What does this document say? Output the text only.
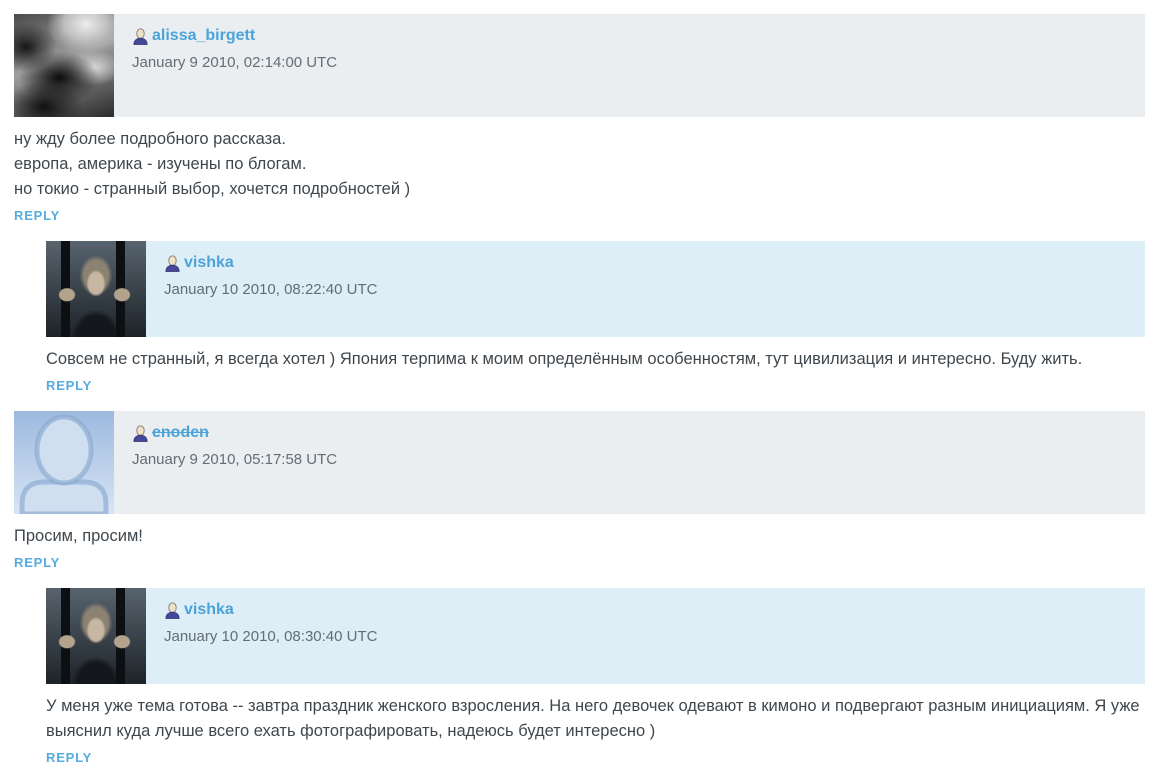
alissa_birgett
January 9 2010, 02:14:00 UTC
ну жду более подробного рассказа.
европа, америка - изучены по блогам.
но токио - странный выбор, хочется подробностей )
REPLY
vishka
January 10 2010, 08:22:40 UTC
Совсем не странный, я всегда хотел ) Япония терпима к моим определённым особенностям, тут цивилизация и интересно. Буду жить.
REPLY
enoden
January 9 2010, 05:17:58 UTC
Просим, просим!
REPLY
vishka
January 10 2010, 08:30:40 UTC
У меня уже тема готова -- завтра праздник женского взросления. На него девочек одевают в кимоно и подвергают разным инициациям. Я уже выяснил куда лучше всего ехать фотографировать, надеюсь будет интересно )
REPLY
